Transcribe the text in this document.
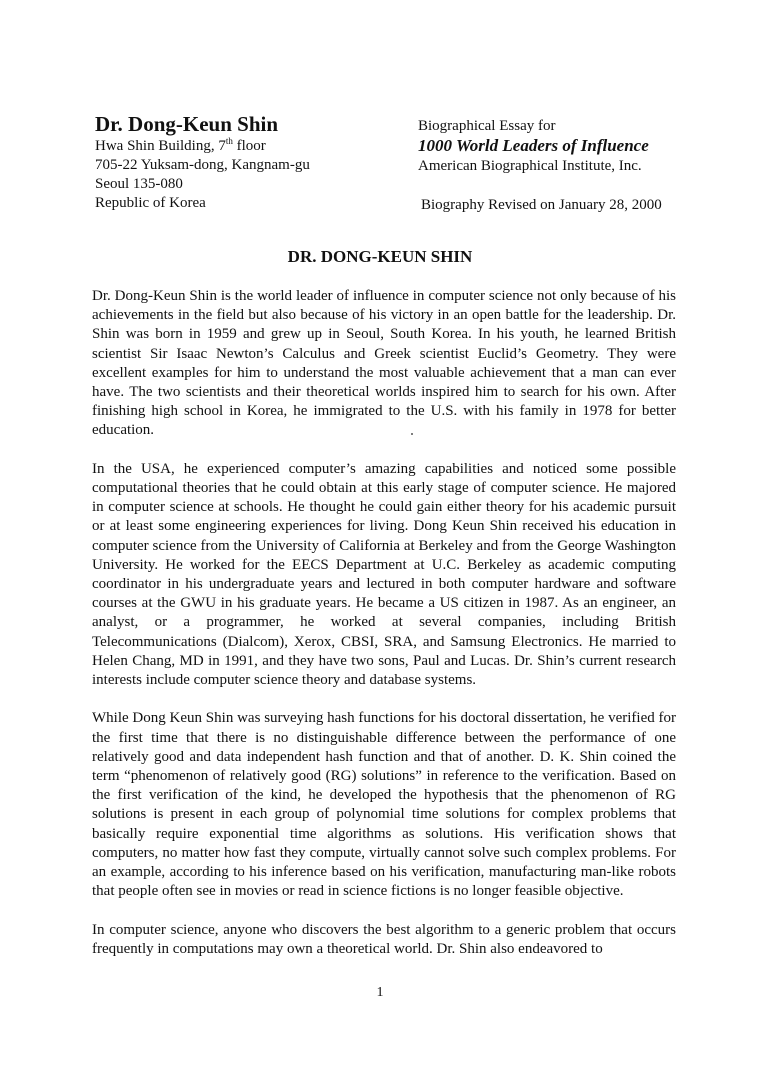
Dr. Dong-Keun Shin
Hwa Shin Building, 7th floor
705-22 Yuksam-dong, Kangnam-gu
Seoul 135-080
Republic of Korea
Biographical Essay for
1000 World Leaders of Influence
American Biographical Institute, Inc.
Biography Revised on January 28, 2000
DR. DONG-KEUN SHIN

Dr. Dong-Keun Shin is the world leader of influence in computer science not only because of his achievements in the field but also because of his victory in an open battle for the leadership. Dr. Shin was born in 1959 and grew up in Seoul, South Korea. In his youth, he learned British scientist Sir Isaac Newton’s Calculus and Greek scientist Euclid’s Geometry. They were excellent examples for him to understand the most valuable achievement that a man can ever have. The two scientists and their theoretical worlds inspired him to search for his own. After finishing high school in Korea, he immigrated to the U.S. with his family in 1978 for better education.

In the USA, he experienced computer’s amazing capabilities and noticed some possible computational theories that he could obtain at this early stage of computer science. He majored in computer science at schools. He thought he could gain either theory for his academic pursuit or at least some engineering experiences for living. Dong Keun Shin received his education in computer science from the University of California at Berkeley and from the George Washington University. He worked for the EECS Department at U.C. Berkeley as academic computing coordinator in his undergraduate years and lectured in both computer hardware and software courses at the GWU in his graduate years. He became a US citizen in 1987. As an engineer, an analyst, or a programmer, he worked at several companies, including British Telecommunications (Dialcom), Xerox, CBSI, SRA, and Samsung Electronics. He married to Helen Chang, MD in 1991, and they have two sons, Paul and Lucas. Dr. Shin’s current research interests include computer science theory and database systems.

While Dong Keun Shin was surveying hash functions for his doctoral dissertation, he verified for the first time that there is no distinguishable difference between the performance of one relatively good and data independent hash function and that of another. D. K. Shin coined the term “phenomenon of relatively good (RG) solutions” in reference to the verification. Based on the first verification of the kind, he developed the hypothesis that the phenomenon of RG solutions is present in each group of polynomial time solutions for complex problems that basically require exponential time algorithms as solutions. His verification shows that computers, no matter how fast they compute, virtually cannot solve such complex problems. For an example, according to his inference based on his verification, manufacturing man-like robots that people often see in movies or read in science fictions is no longer feasible objective.

In computer science, anyone who discovers the best algorithm to a generic problem that occurs frequently in computations may own a theoretical world. Dr. Shin also endeavored to

1
